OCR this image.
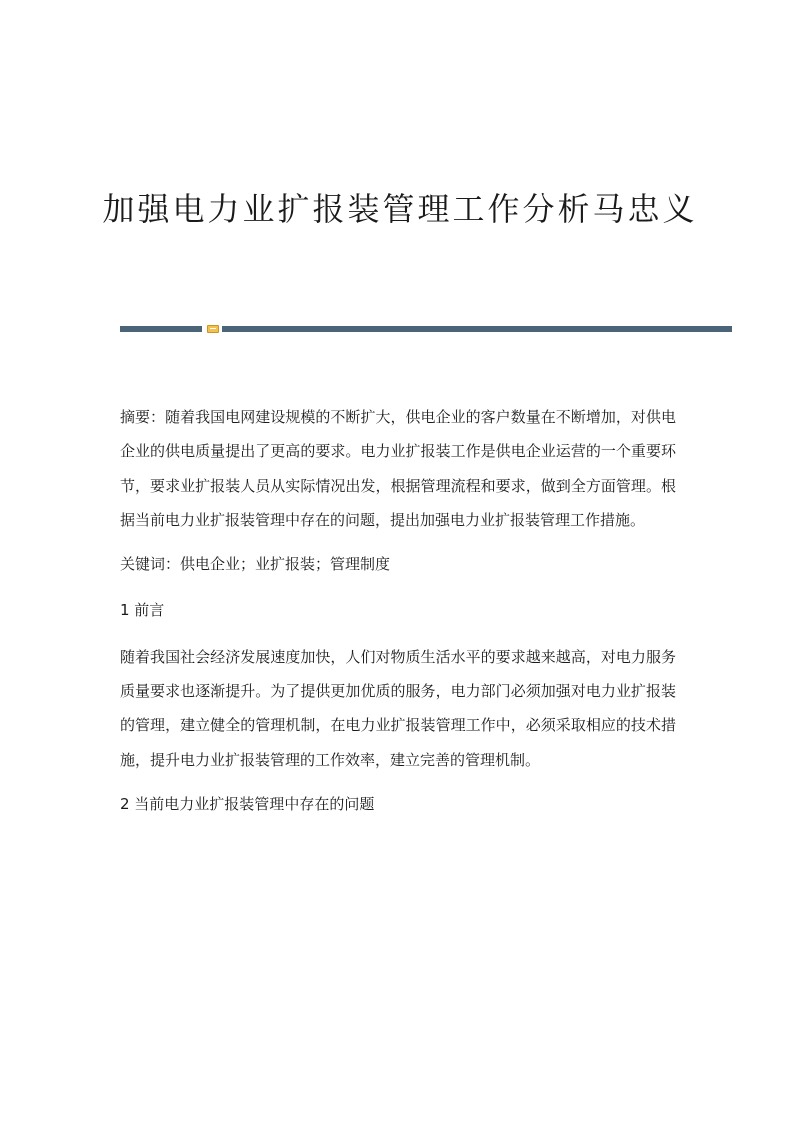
加强电力业扩报装管理工作分析马忠义

摘要：随着我国电网建设规模的不断扩大，供电企业的客户数量在不断增加，对供电企业的供电质量提出了更高的要求。电力业扩报装工作是供电企业运营的一个重要环节，要求业扩报装人员从实际情况出发，根据管理流程和要求，做到全方面管理。根据当前电力业扩报装管理中存在的问题，提出加强电力业扩报装管理工作措施。

关键词：供电企业；业扩报装；管理制度

1 前言

随着我国社会经济发展速度加快，人们对物质生活水平的要求越来越高，对电力服务质量要求也逐渐提升。为了提供更加优质的服务，电力部门必须加强对电力业扩报装的管理，建立健全的管理机制，在电力业扩报装管理工作中，必须采取相应的技术措施，提升电力业扩报装管理的工作效率，建立完善的管理机制。

2 当前电力业扩报装管理中存在的问题
